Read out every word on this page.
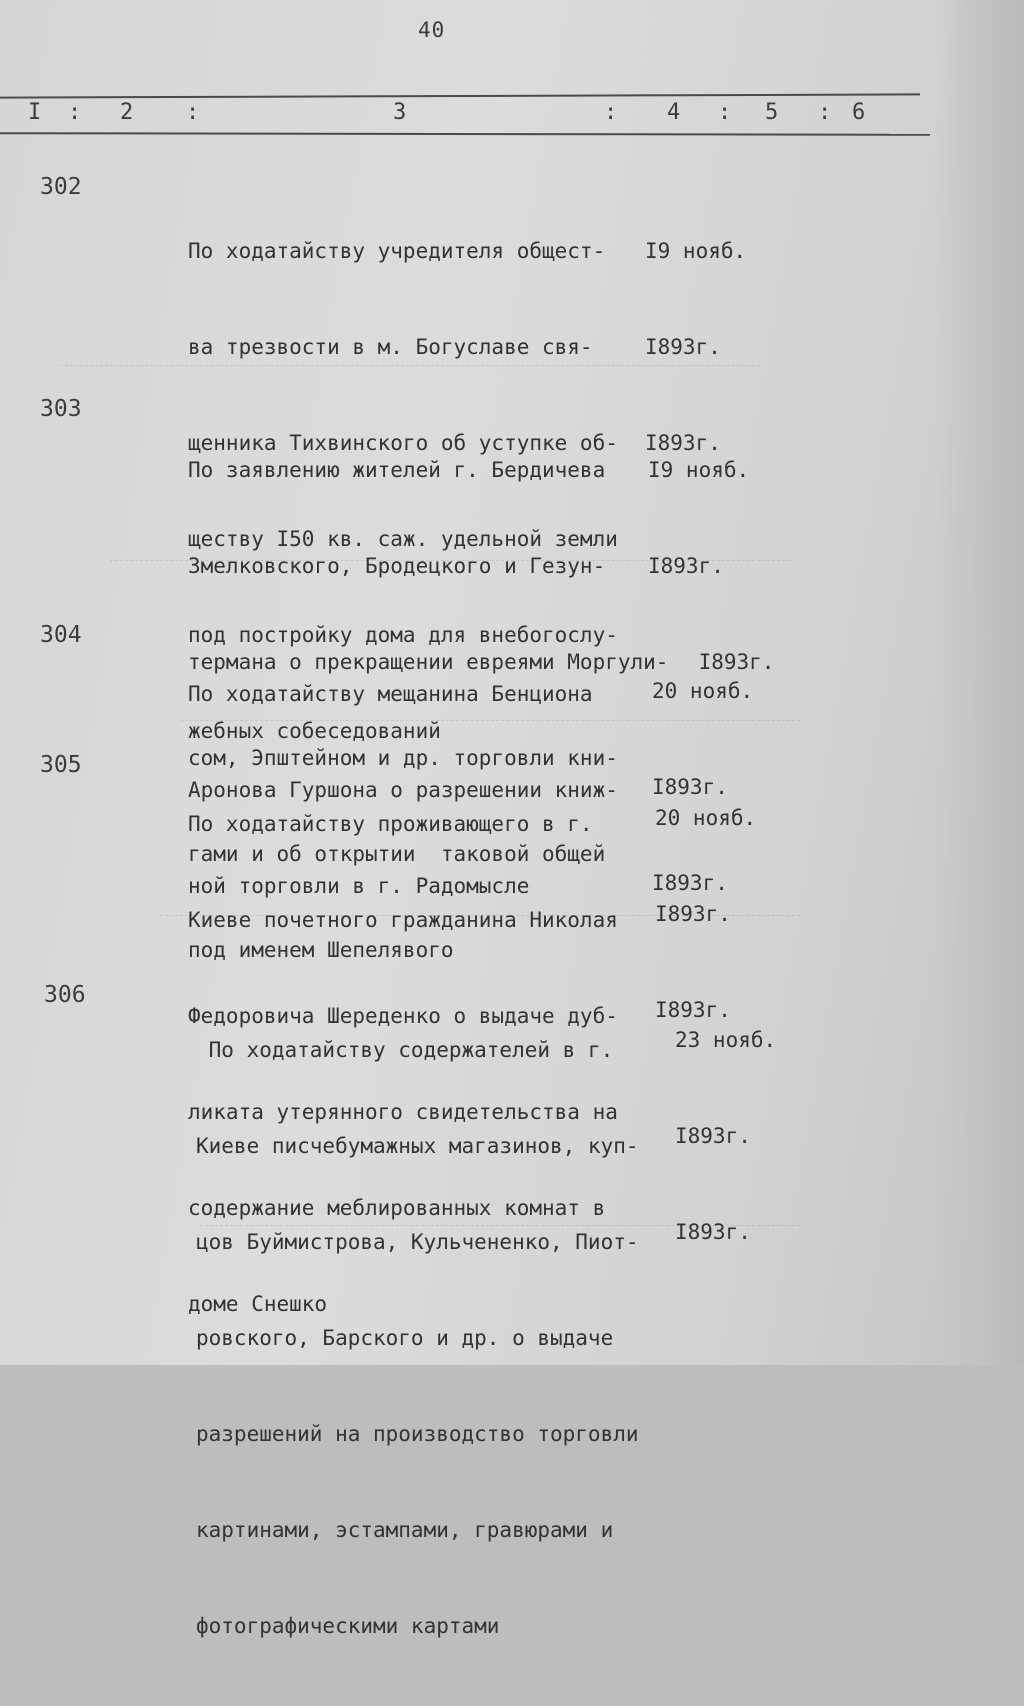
40
I : 2 :	3	: 4 : 5 : 6
302

По ходатайству учредителя общест-

ва трезвости в м. Богуславе свя-

щенника Тихвинского об уступке об-

ществу I50 кв. саж. удельной земли

под постройку дома для внебогослу-

жебных собеседований

I9 нояб.

I893г.

I893г.

303

По заявлению жителей г. Бердичева

Змелковского, Бродецкого и Гезун-

термана о прекращении евреями Моргули-

сом, Эпштейном и др. торговли кни-

гами и об открытии  таковой общей

под именем Шепелявого

I9 нояб.

I893г.

I893г.

304

По ходатайству мещанина Бенциона

Аронова Гуршона о разрешении книж-

ной торговли в г. Радомысле

20 нояб.

I893г.

I893г.

305

По ходатайству проживающего в г.

Киеве почетного гражданина Николая

Федоровича Шереденко о выдаче дуб-

ликата утерянного свидетельства на

содержание меблированных комнат в

доме Снешко

20 нояб.

I893г.

I893г.

306

По ходатайству содержателей в г.

Киеве писчебумажных магазинов, куп-

цов Буймистрова, Кульчененко, Пиот-

ровского, Барского и др. о выдаче

разрешений на производство торговли

картинами, эстампами, гравюрами и

фотографическими картами

23 нояб.

I893г.

I893г.
